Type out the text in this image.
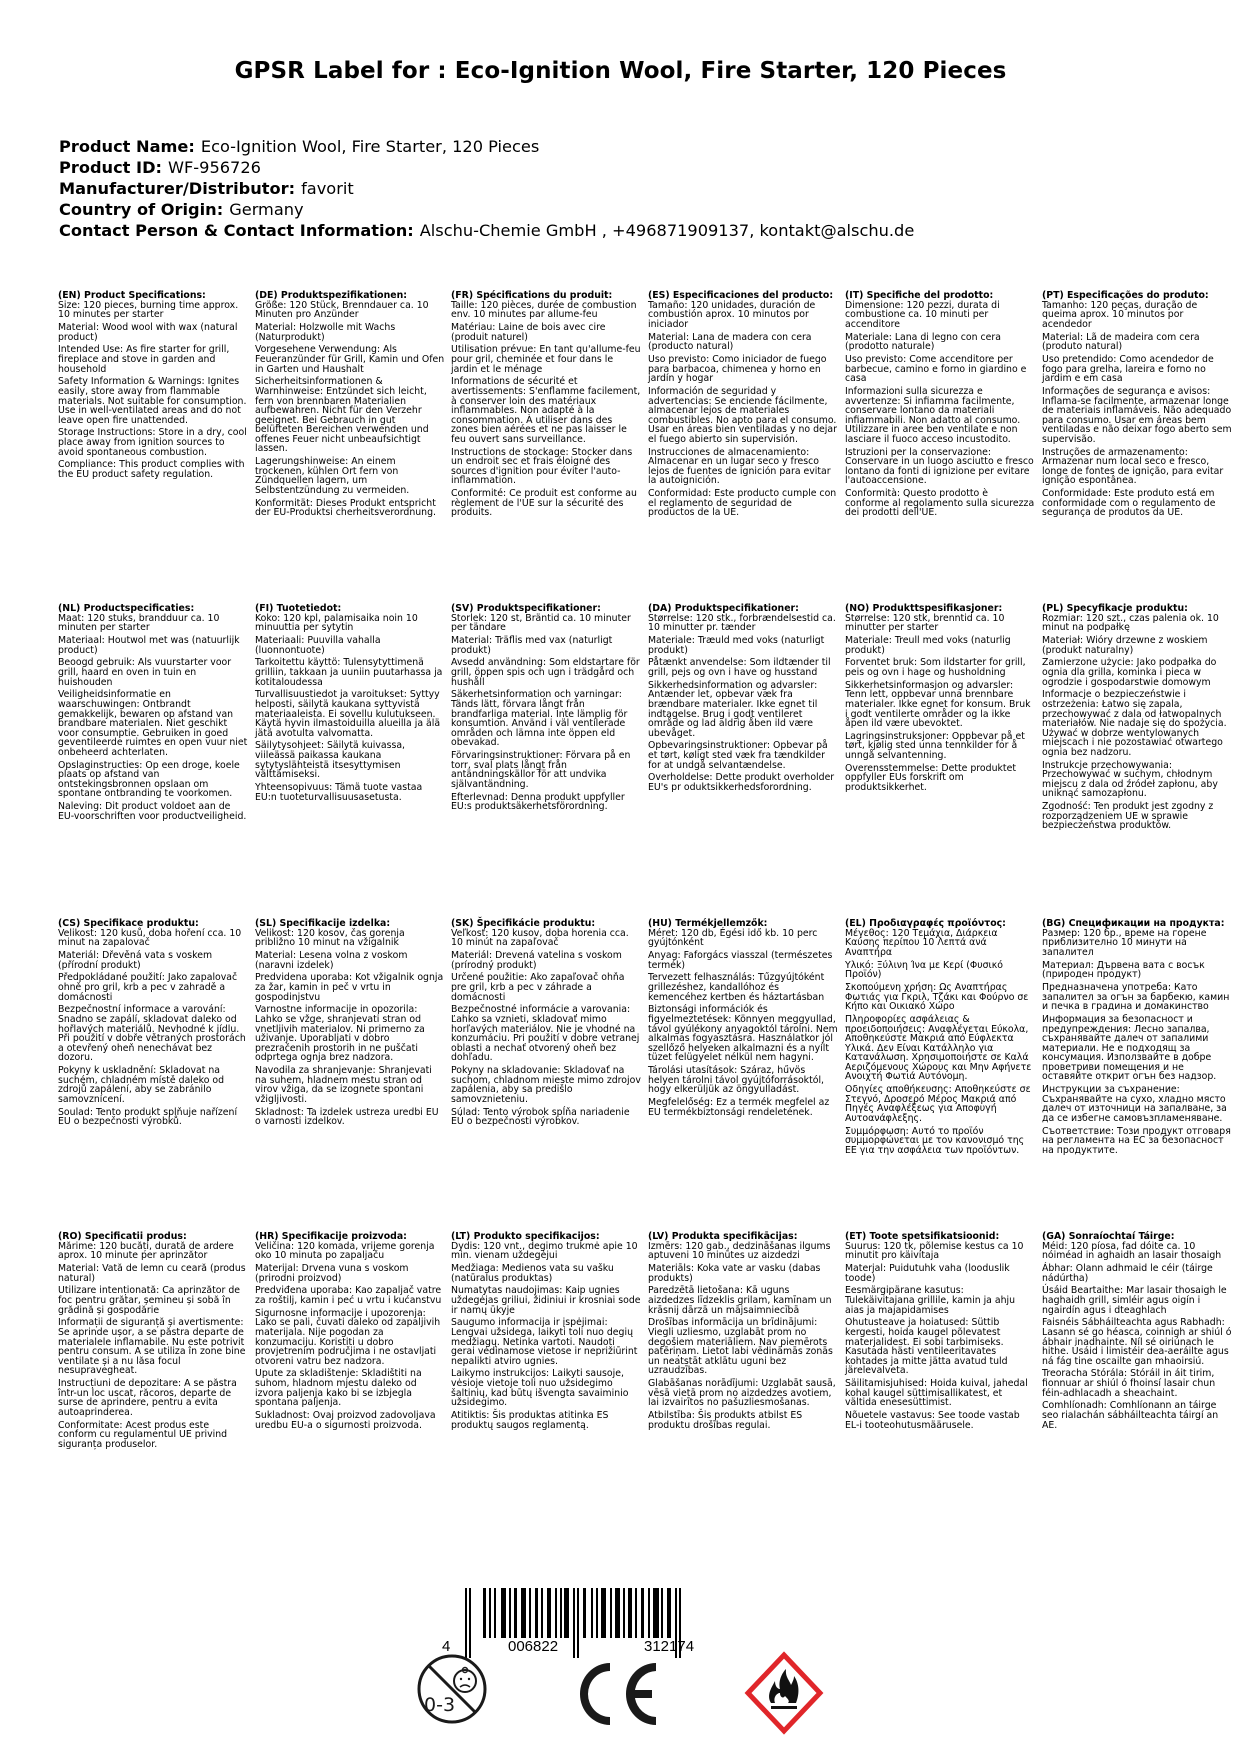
GPSR Label for : Eco-Ignition Wool, Fire Starter, 120 Pieces
Product Name: Eco-Ignition Wool, Fire Starter, 120 Pieces
Product ID: WF-956726
Manufacturer/Distributor: favorit
Country of Origin: Germany
Contact Person & Contact Information: Alschu-Chemie GmbH , +496871909137, kontakt@alschu.de
(EN) Product Specifications:
Size: 120 pieces, burning time approx. 10 minutes per starter
Material: Wood wool with wax (natural product)
Intended Use: As fire starter for grill, fireplace and stove in garden and household
Safety Information & Warnings: Ignites easily, store away from flammable materials. Not suitable for consumption. Use in well-ventilated areas and do not leave open fire unattended.
Storage Instructions: Store in a dry, cool place away from ignition sources to avoid spontaneous combustion.
Compliance: This product complies with the EU product safety regulation.
(DE) Produktspezifikationen:
Größe: 120 Stück, Brenndauer ca. 10 Minuten pro Anzünder
Material: Holzwolle mit Wachs (Naturprodukt)
Vorgesehene Verwendung: Als Feueranzünder für Grill, Kamin und Ofen in Garten und Haushalt
Sicherheitsinformationen & Warnhinweise: Entzündet sich leicht, fern von brennbaren Materialien aufbewahren. Nicht für den Verzehr geeignet. Bei Gebrauch in gut belüfteten Bereichen verwenden und offenes Feuer nicht unbeaufsichtigt lassen.
Lagerungshinweise: An einem trockenen, kühlen Ort fern von Zündquellen lagern, um Selbstentzündung zu vermeiden.
Konformität: Dieses Produkt entspricht der EU-Produktsi cherheitsverordnung.
(FR) Spécifications du produit:
Taille: 120 pièces, durée de combustion env. 10 minutes par allume-feu
Matériau: Laine de bois avec cire (produit naturel)
Utilisation prévue: En tant qu'allume-feu pour gril, cheminée et four dans le jardin et le ménage
Informations de sécurité et avertissements: S'enflamme facilement, à conserver loin des matériaux inflammables. Non adapté à la consommation. À utiliser dans des zones bien aérées et ne pas laisser le feu ouvert sans surveillance.
Instructions de stockage: Stocker dans un endroit sec et frais éloigné des sources d'ignition pour éviter l'auto-inflammation.
Conformité: Ce produit est conforme au règlement de l'UE sur la sécurité des produits.
(ES) Especificaciones del producto:
Tamaño: 120 unidades, duración de combustión aprox. 10 minutos por iniciador
Material: Lana de madera con cera (producto natural)
Uso previsto: Como iniciador de fuego para barbacoa, chimenea y horno en jardín y hogar
Información de seguridad y advertencias: Se enciende fácilmente, almacenar lejos de materiales combustibles. No apto para el consumo. Usar en áreas bien ventiladas y no dejar el fuego abierto sin supervisión.
Instrucciones de almacenamiento: Almacenar en un lugar seco y fresco lejos de fuentes de ignición para evitar la autoignición.
Conformidad: Este producto cumple con el reglamento de seguridad de productos de la UE.
(IT) Specifiche del prodotto:
Dimensione: 120 pezzi, durata di combustione ca. 10 minuti per accenditore
Materiale: Lana di legno con cera (prodotto naturale)
Uso previsto: Come accenditore per barbecue, camino e forno in giardino e casa
Informazioni sulla sicurezza e avvertenze: Si infiamma facilmente, conservare lontano da materiali infiammabili. Non adatto al consumo. Utilizzare in aree ben ventilate e non lasciare il fuoco acceso incustodito.
Istruzioni per la conservazione: Conservare in un luogo asciutto e fresco lontano da fonti di ignizione per evitare l'autoaccensione.
Conformità: Questo prodotto è conforme al regolamento sulla sicurezza dei prodotti dell'UE.
(PT) Especificações do produto:
Tamanho: 120 peças, duração de queima aprox. 10 minutos por acendedor
Material: Lã de madeira com cera (produto natural)
Uso pretendido: Como acendedor de fogo para grelha, lareira e forno no jardim e em casa
Informações de segurança e avisos: Inflama-se facilmente, armazenar longe de materiais inflamáveis. Não adequado para consumo. Usar em áreas bem ventiladas e não deixar fogo aberto sem supervisão.
Instruções de armazenamento: Armazenar num local seco e fresco, longe de fontes de ignição, para evitar ignição espontânea.
Conformidade: Este produto está em conformidade com o regulamento de segurança de produtos da UE.
(NL) Productspecificaties:
Maat: 120 stuks, brandduur ca. 10 minuten per starter
Materiaal: Houtwol met was (natuurlijk product)
Beoogd gebruik: Als vuurstarter voor grill, haard en oven in tuin en huishouden
Veiligheidsinformatie en waarschuwingen: Ontbrandt gemakkelijk, bewaren op afstand van brandbare materialen. Niet geschikt voor consumptie. Gebruiken in goed geventileerde ruimtes en open vuur niet onbeheerd achterlaten.
Opslaginstructies: Op een droge, koele plaats op afstand van ontstekingsbronnen opslaan om spontane ontbranding te voorkomen.
Naleving: Dit product voldoet aan de EU-voorschriften voor productveiligheid.
(FI) Tuotetiedot:
Koko: 120 kpl, palamisaika noin 10 minuuttia per sytytin
Materiaali: Puuvilla vahalla (luonnontuote)
Tarkoitettu käyttö: Tulensytyttimenä grilliin, takkaan ja uuniin puutarhassa ja kotitaloudessa
Turvallisuustiedot ja varoitukset: Syttyy helposti, säilytä kaukana syttyvistä materiaaleista. Ei sovellu kulutukseen. Käytä hyvin ilmastoiduilla alueilla ja älä jätä avotulta valvomatta.
Säilytysohjeet: Säilytä kuivassa, viileässä paikassa kaukana sytytyslähteistä itsesyttymisen välttämiseksi.
Yhteensopivuus: Tämä tuote vastaa EU:n tuoteturvallisuusasetusta.
(SV) Produktspecifikationer:
Storlek: 120 st, Bräntid ca. 10 minuter per tändare
Material: Träflis med vax (naturligt produkt)
Avsedd användning: Som eldstartare för grill, öppen spis och ugn i trädgård och hushåll
Säkerhetsinformation och varningar: Tänds lätt, förvara långt från brandfarliga material. Inte lämplig för konsumtion. Använd i väl ventilerade områden och lämna inte öppen eld obevakad.
Förvaringsinstruktioner: Förvara på en torr, sval plats långt från antändningskällor för att undvika självantändning.
Efterlevnad: Denna produkt uppfyller EU:s produktsäkerhetsförordning.
(DA) Produktspecifikationer:
Størrelse: 120 stk., forbrændelsestid ca. 10 minutter pr. tænder
Materiale: Træuld med voks (naturligt produkt)
Påtænkt anvendelse: Som ildtænder til grill, pejs og ovn i have og husstand
Sikkerhedsinformation og advarsler: Antænder let, opbevar væk fra brændbare materialer. Ikke egnet til indtagelse. Brug i godt ventileret område og lad aldrig åben ild være ubevåget.
Opbevaringsinstruktioner: Opbevar på et tørt, køligt sted væk fra tændkilder for at undgå selvantændelse.
Overholdelse: Dette produkt overholder EU's pr oduktsikkerhedsforordning.
(NO) Produkttspesifikasjoner:
Størrelse: 120 stk, brenntid ca. 10 minutter per starter
Materiale: Treull med voks (naturlig produkt)
Forventet bruk: Som ildstarter for grill, peis og ovn i hage og husholdning
Sikkerhetsinformasjon og advarsler: Tenn lett, oppbevar unna brennbare materialer. Ikke egnet for konsum. Bruk i godt ventilerte områder og la ikke åpen ild være ubevoktet.
Lagringsinstruksjoner: Oppbevar på et tørt, kjølig sted unna tennkilder for å unngå selvantenning.
Overensstemmelse: Dette produktet oppfyller EUs forskrift om produktsikkerhet.
(PL) Specyfikacje produktu:
Rozmiar: 120 szt., czas palenia ok. 10 minut na podpałkę
Materiał: Wióry drzewne z woskiem (produkt naturalny)
Zamierzone użycie: Jako podpałka do ognia dla grilla, kominka i pieca w ogrodzie i gospodarstwie domowym
Informacje o bezpieczeństwie i ostrzeżenia: Łatwo się zapala, przechowywać z dala od łatwopalnych materiałów. Nie nadaje się do spożycia. Używać w dobrze wentylowanych miejscach i nie pozostawiać otwartego ognia bez nadzoru.
Instrukcje przechowywania: Przechowywać w suchym, chłodnym miejscu z dala od źródeł zapłonu, aby uniknąć samozapłonu.
Zgodność: Ten produkt jest zgodny z rozporządzeniem UE w sprawie bezpieczeństwa produktów.
(CS) Specifikace produktu:
Velikost: 120 kusů, doba hoření cca. 10 minut na zapalovač
Materiál: Dřevěná vata s voskem (přírodní produkt)
Předpokládané použití: Jako zapalovač ohně pro gril, krb a pec v zahradě a domácnosti
Bezpečnostní informace a varování: Snadno se zapálí, skladovat daleko od hořlavých materiálů. Nevhodné k jídlu. Při použití v dobře větraných prostorách a otevřený oheň nenechávat bez dozoru.
Pokyny k uskladnění: Skladovat na suchém, chladném místě daleko od zdrojů zapálení, aby se zabránilo samovznícení.
Soulad: Tento produkt splňuje nařízení EU o bezpečnosti výrobků.
(SL) Specifikacije izdelka:
Velikost: 120 kosov, čas gorenja približno 10 minut na vžigalnik
Material: Lesena volna z voskom (naravni izdelek)
Predvidena uporaba: Kot vžigalnik ognja za žar, kamin in peč v vrtu in gospodinjstvu
Varnostne informacije in opozorila: Lahko se vžge, shranjevati stran od vnetljivih materialov. Ni primerno za uživanje. Uporabljati v dobro prezračenih prostorih in ne puščati odprtega ognja brez nadzora.
Navodila za shranjevanje: Shranjevati na suhem, hladnem mestu stran od virov vžiga, da se izognete spontani vžigljivosti.
Skladnost: Ta izdelek ustreza uredbi EU o varnosti izdelkov.
(SK) Špecifikácie produktu:
Veľkosť: 120 kusov, doba horenia cca. 10 minút na zapaľovač
Materiál: Drevená vatelina s voskom (prírodný produkt)
Určené použitie: Ako zapaľovač ohňa pre gril, krb a pec v záhrade a domácnosti
Bezpečnostné informácie a varovania: Ľahko sa vznieti, skladovať mimo horľavých materiálov. Nie je vhodné na konzumáciu. Pri použití v dobre vetranej oblasti a nechať otvorený oheň bez dohľadu.
Pokyny na skladovanie: Skladovať na suchom, chladnom mieste mimo zdrojov zapálenia, aby sa predišlo samovznieteniu.
Súlad: Tento výrobok spĺňa nariadenie EÚ o bezpečnosti výrobkov.
(HU) Termékjellemzők:
Méret: 120 db, Égési idő kb. 10 perc gyújtónként
Anyag: Faforgács viasszal (természetes termék)
Tervezett felhasználás: Tűzgyújtóként grillezéshez, kandallóhoz és kemencéhez kertben és háztartásban
Biztonsági információk és figyelmeztetések: Könnyen meggyullad, távol gyúlékony anyagoktól tárolni. Nem alkalmas fogyasztásra. Használatkor jól szellőző helyeken alkalmazni és a nyílt tüzet felügyelet nélkül nem hagyni.
Tárolási utasítások: Száraz, hűvös helyen tárolni távol gyújtóforrásoktól, hogy elkerüljük az öngyulladást.
Megfelelőség: Ez a termék megfelel az EU termékbiztonsági rendeletének.
(EL) Προδιαγραφές προϊόντος:
Μέγεθος: 120 Τεμάχια, Διάρκεια Καύσης περίπου 10 Λεπτά ανά Αναπτήρα
Υλικό: Ξύλινη Ίνα με Κερί (Φυσικό Προϊόν)
Σκοπούμενη χρήση: Ως Αναπτήρας Φωτιάς για Γκριλ, Τζάκι και Φούρνο σε Κήπο και Οικιακό Χώρο
Πληροφορίες ασφάλειας & προειδοποιήσεις: Αναφλέγεται Εύκολα, Αποθηκεύστε Μακριά από Εύφλεκτα Υλικά. Δεν Είναι Κατάλληλο για Κατανάλωση. Χρησιμοποιήστε σε Καλά Αεριζόμενους Χώρους και Μην Αφήνετε Ανοιχτή Φωτιά Αυτόνομη.
Οδηγίες αποθήκευσης: Αποθηκεύστε σε Στεγνό, Δροσερό Μέρος Μακριά από Πηγές Αναφλέξεως για Αποφυγή Αυτοανάφλεξης.
Συμμόρφωση: Αυτό το προϊόν συμμορφώνεται με τον κανονισμό της ΕΕ για την ασφάλεια των προϊόντων.
(BG) Спецификации на продукта:
Размер: 120 бр., време на горене приблизително 10 минути на запалител
Материал: Дървена вата с восък (природен продукт)
Предназначена употреба: Като запалител за огън за барбекю, камин и печка в градина и домакинство
Информация за безопасност и предупреждения: Лесно запалва, съхранявайте далеч от запалими материали. Не е подходящ за консумация. Използвайте в добре проветриви помещения и не оставяйте открит огън без надзор.
Инструкции за съхранение: Съхранявайте на сухо, хладно място далеч от източници на запалване, за да се избегне самовъзпламеняване.
Съответствие: Този продукт отговаря на регламента на ЕС за безопасност на продуктите.
(RO) Specificatii produs:
Mărime: 120 bucăți, durată de ardere aprox. 10 minute per aprinzător
Material: Vată de lemn cu ceară (produs natural)
Utilizare intenționată: Ca aprinzător de foc pentru grătar, șemineu și sobă în grădină și gospodărie
Informații de siguranță și avertismente: Se aprinde ușor, a se păstra departe de materialele inflamabile. Nu este potrivit pentru consum. A se utiliza în zone bine ventilate și a nu lăsa focul nesupravegheat.
Instrucțiuni de depozitare: A se păstra într-un loc uscat, răcoros, departe de surse de aprindere, pentru a evita autoaprinderea.
Conformitate: Acest produs este conform cu regulamentul UE privind siguranța produselor.
(HR) Specifikacije proizvoda:
Veličina: 120 komada, vrijeme gorenja oko 10 minuta po zapaljaču
Materijal: Drvena vuna s voskom (prirodni proizvod)
Predviđena uporaba: Kao zapaljač vatre za roštilj, kamin i peć u vrtu i kućanstvu
Sigurnosne informacije i upozorenja: Lako se pali, čuvati daleko od zapaljivih materijala. Nije pogodan za konzumaciju. Koristiti u dobro provjetrenim područjima i ne ostavljati otvoreni vatru bez nadzora.
Upute za skladištenje: Skladištiti na suhom, hladnom mjestu daleko od izvora paljenja kako bi se izbjegla spontana paljenja.
Sukladnost: Ovaj proizvod zadovoljava uredbu EU-a o sigurnosti proizvoda.
(LT) Produkto specifikacijos:
Dydis: 120 vnt., degimo trukmė apie 10 min. vienam uždegėjui
Medžiaga: Medienos vata su vašku (natūralus produktas)
Numatytas naudojimas: Kaip ugnies uždegėjas griliui, židiniui ir krosniai sode ir namų ūkyje
Saugumo informacija ir įspėjimai: Lengvai užsidega, laikyti toli nuo degių medžiagų. Netinka vartoti. Naudoti gerai vėdinamose vietose ir neprižiūrint nepalikti atviro ugnies.
Laikymo instrukcijos: Laikyti sausoje, vėsioje vietoje toli nuo užsidegimo šaltinių, kad būtų išvengta savaiminio užsidegimo.
Atitiktis: Šis produktas atitinka ES produktų saugos reglamentą.
(LV) Produkta specifikācijas:
Izmērs: 120 gab., dedzināšanas ilgums aptuveni 10 minūtes uz aizdedzi
Materiāls: Koka vate ar vasku (dabas produkts)
Paredzētā lietošana: Kā uguns aizdedzes līdzeklis grilam, kamīnam un krāsnij dārzā un mājsaimniecībā
Drošības informācija un brīdinājumi: Viegli uzliesmo, uzglabāt prom no degošiem materiāliem. Nav piemērots patēriņam. Lietot labi vēdināmās zonās un neatstāt atklātu uguni bez uzraudzības.
Glabāšanas norādījumi: Uzglabāt sausā, vēsā vietā prom no aizdedzes avotiem, lai izvairītos no pašuzliesmošanas.
Atbilstība: Šis produkts atbilst ES produktu drošības regulai.
(ET) Toote spetsifikatsioonid:
Suurus: 120 tk, põlemise kestus ca 10 minutit pro käivitaja
Materjal: Puidutuhk vaha (looduslik toode)
Eesmärgipärane kasutus: Tulekäivitajana grillile, kamin ja ahju aias ja majapidamises
Ohutusteave ja hoiatused: Süttib kergesti, hoida kaugel põlevatest materjalidest. Ei sobi tarbimiseks. Kasutada hästi ventileeritavates kohtades ja mitte jätta avatud tuld järelevalveta.
Säilitamisjuhised: Hoida kuival, jahedal kohal kaugel süttimisallikatest, et vältida enesesüttimist.
Nõuetele vastavus: See toode vastab EL-i tooteohutusmäärusele.
(GA) Sonraíochtaí Táirge:
Méid: 120 píosa, fad dóite ca. 10 nóiméad in aghaidh an lasair thosaigh
Ábhar: Olann adhmaid le céir (táirge nádúrtha)
Úsáid Beartaithe: Mar lasair thosaigh le haghaidh grill, simléir agus oigín i ngairdín agus i dteaghlach
Faisnéis Sábháilteachta agus Rabhadh: Lasann sé go héasca, coinnigh ar shiúl ó ábhair inadhainte. Níl sé oiriúnach le hithe. Úsáid i limistéir dea-aeráilte agus ná fág tine oscailte gan mhaoirsiú.
Treoracha Stórála: Stóráil in áit tirim, fionnuar ar shiúl ó fhoinsí lasair chun féin-adhlacadh a sheachaint.
Comhlíonadh: Comhlíonann an táirge seo rialachán sábháilteachta táirgí an AE.
4	006822	312174
0-3
